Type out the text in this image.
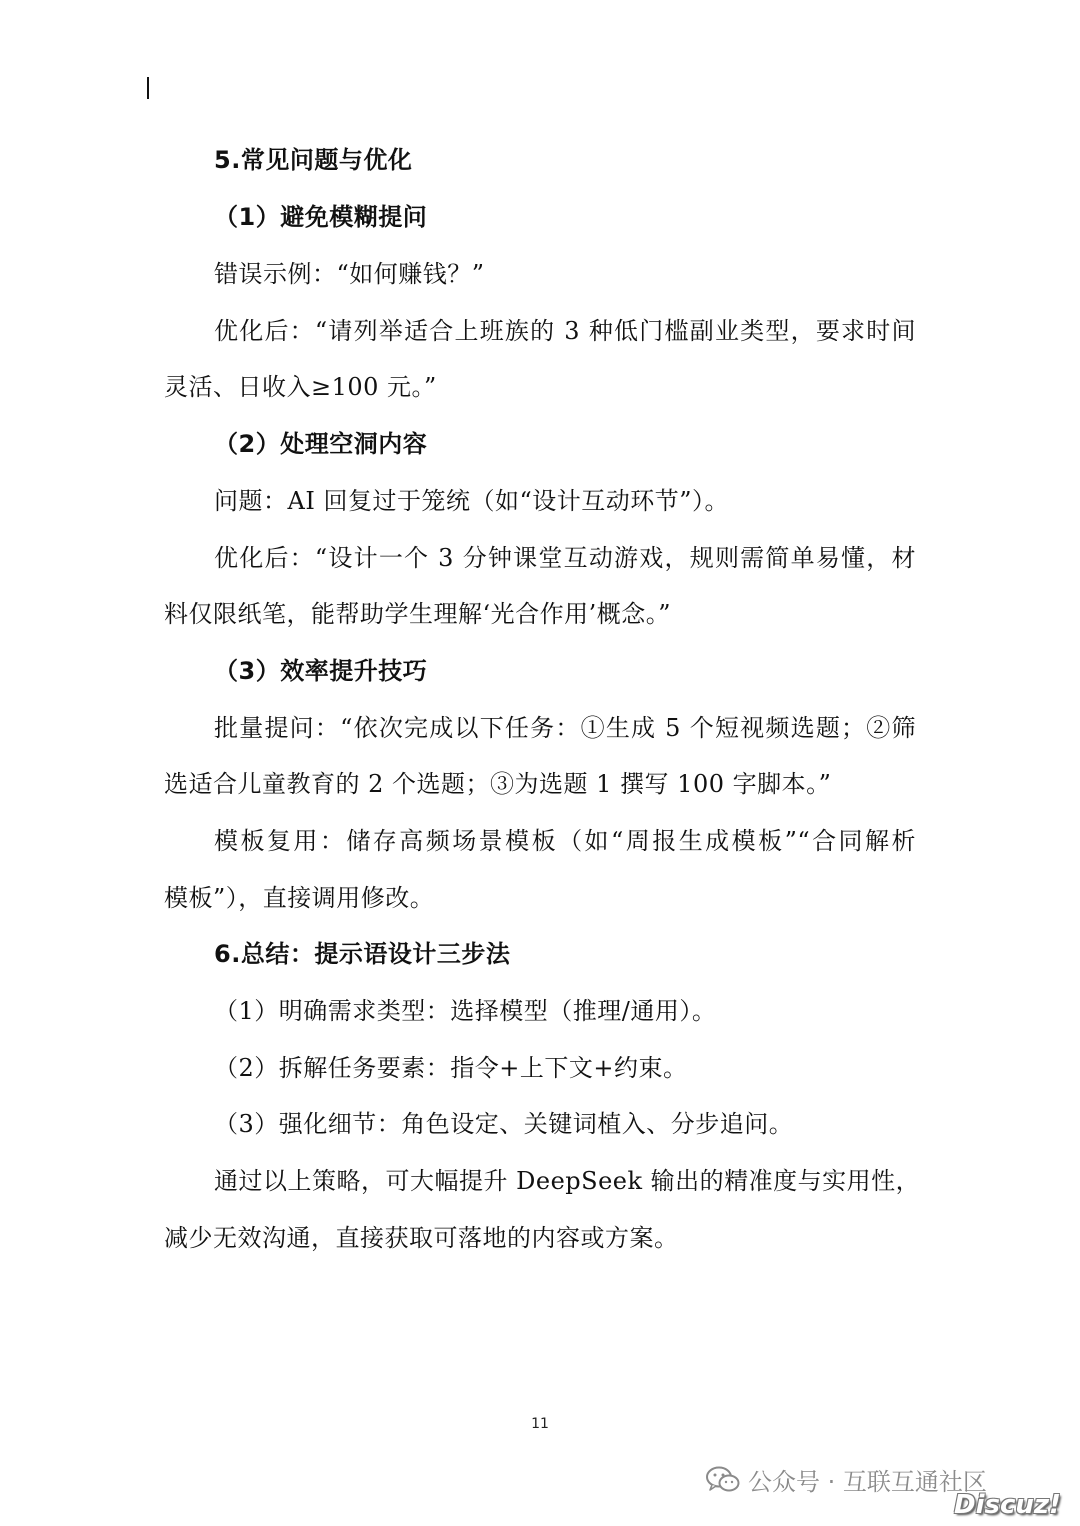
5.常见问题与优化
（1）避免模糊提问
错误示例：“如何赚钱？”
优化后：“请列举适合上班族的 3 种低门槛副业类型，要求时间
灵活、日收入≥100 元。”
（2）处理空洞内容
问题：AI 回复过于笼统（如“设计互动环节”）。
优化后：“设计一个 3 分钟课堂互动游戏，规则需简单易懂，材
料仅限纸笔，能帮助学生理解‘光合作用’概念。”
（3）效率提升技巧
批量提问：“依次完成以下任务：①生成 5 个短视频选题；②筛
选适合儿童教育的 2 个选题；③为选题 1 撰写 100 字脚本。”
模板复用：储存高频场景模板（如“周报生成模板”“合同解析
模板”），直接调用修改。
6.总结：提示语设计三步法
（1）明确需求类型：选择模型（推理/通用）。
（2）拆解任务要素：指令+上下文+约束。
（3）强化细节：角色设定、关键词植入、分步追问。
通过以上策略，可大幅提升 DeepSeek 输出的精准度与实用性，
减少无效沟通，直接获取可落地的内容或方案。
11
公众号 · 互联互通社区
Discuz!
